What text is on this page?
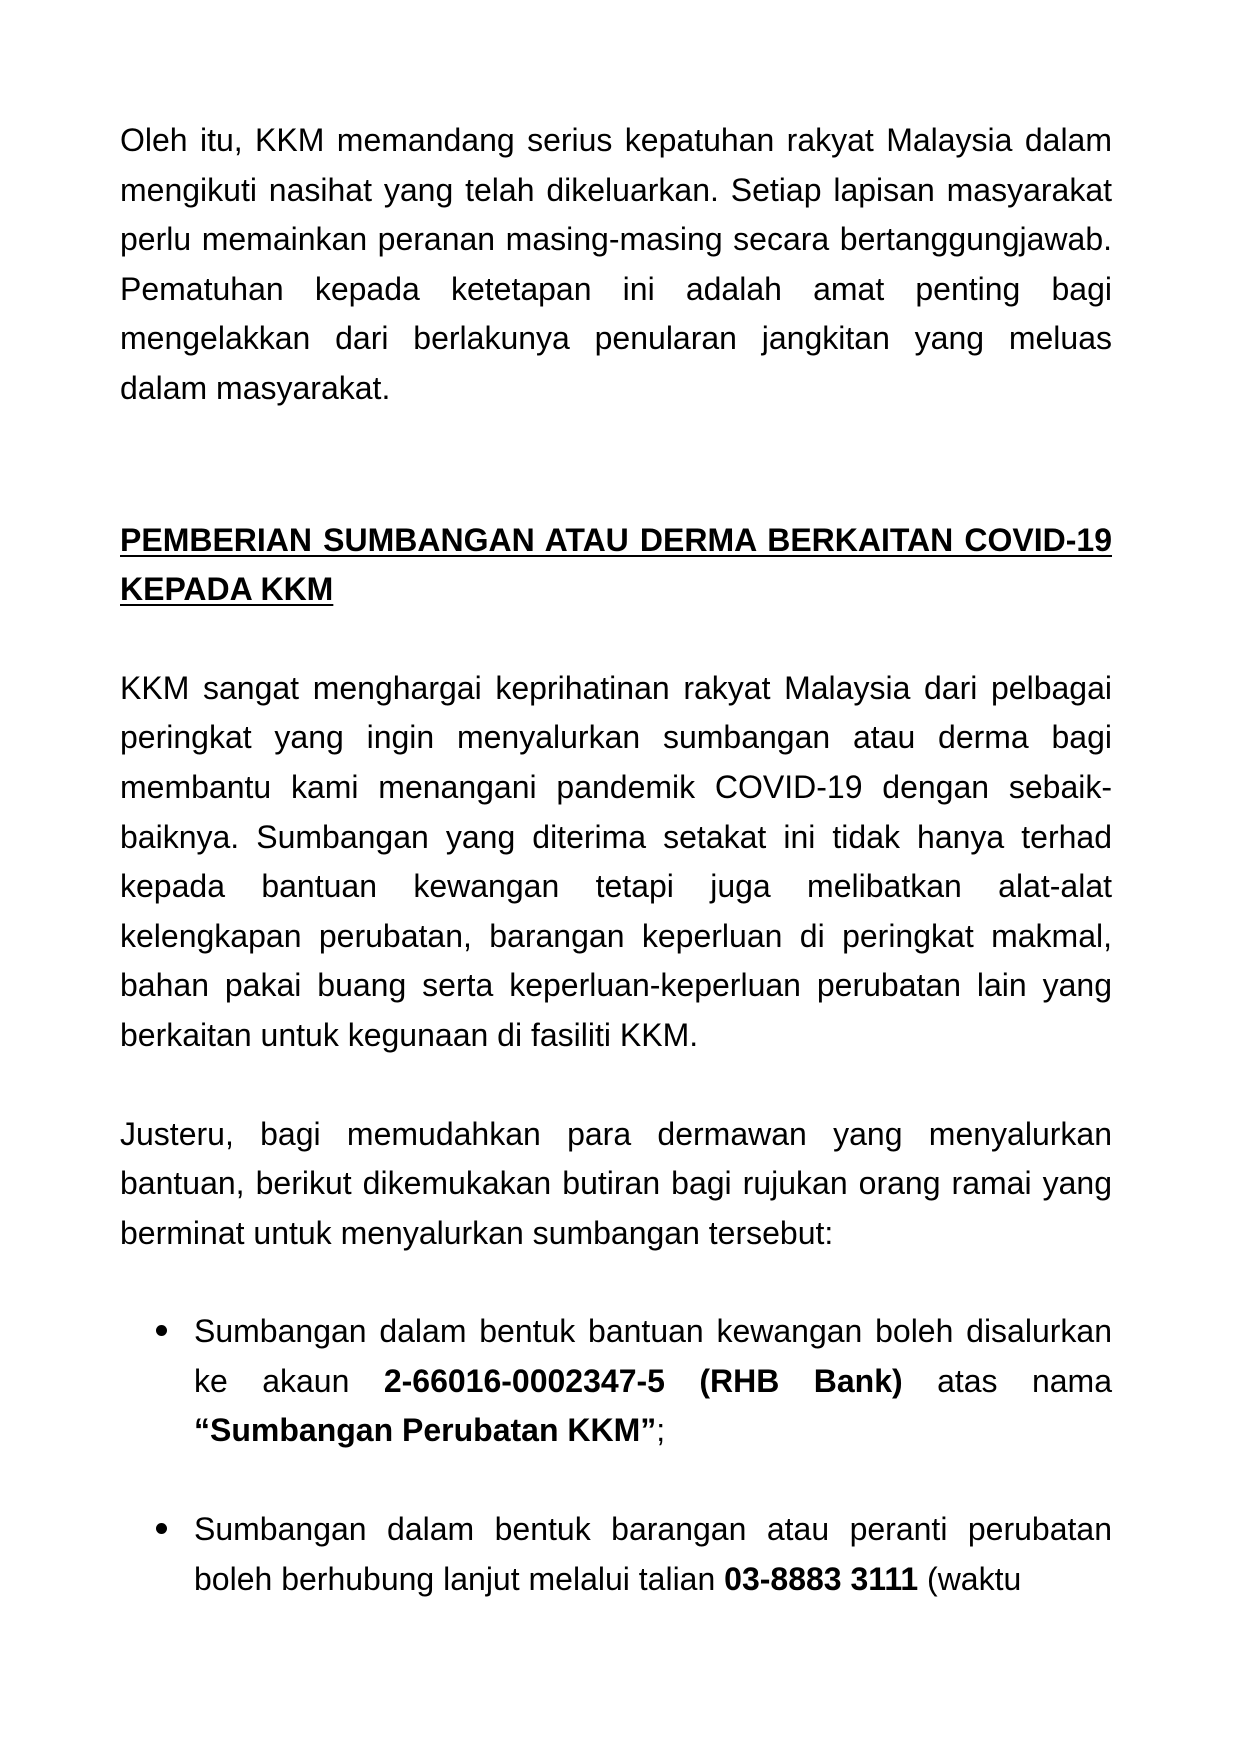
Oleh itu, KKM memandang serius kepatuhan rakyat Malaysia dalam mengikuti nasihat yang telah dikeluarkan. Setiap lapisan masyarakat perlu memainkan peranan masing-masing secara bertanggungjawab. Pematuhan kepada ketetapan ini adalah amat penting bagi mengelakkan dari berlakunya penularan jangkitan yang meluas dalam masyarakat.

PEMBERIAN SUMBANGAN ATAU DERMA BERKAITAN COVID-19 KEPADA KKM

KKM sangat menghargai keprihatinan rakyat Malaysia dari pelbagai peringkat yang ingin menyalurkan sumbangan atau derma bagi membantu kami menangani pandemik COVID-19 dengan sebaik-baiknya. Sumbangan yang diterima setakat ini tidak hanya terhad kepada bantuan kewangan tetapi juga melibatkan alat-alat kelengkapan perubatan, barangan keperluan di peringkat makmal, bahan pakai buang serta keperluan-keperluan perubatan lain yang berkaitan untuk kegunaan di fasiliti KKM.

Justeru, bagi memudahkan para dermawan yang menyalurkan bantuan, berikut dikemukakan butiran bagi rujukan orang ramai yang berminat untuk menyalurkan sumbangan tersebut:

Sumbangan dalam bentuk bantuan kewangan boleh disalurkan ke akaun 2-66016-0002347-5 (RHB Bank) atas nama “Sumbangan Perubatan KKM”;
Sumbangan dalam bentuk barangan atau peranti perubatan boleh berhubung lanjut melalui talian 03-8883 3111 (waktu
